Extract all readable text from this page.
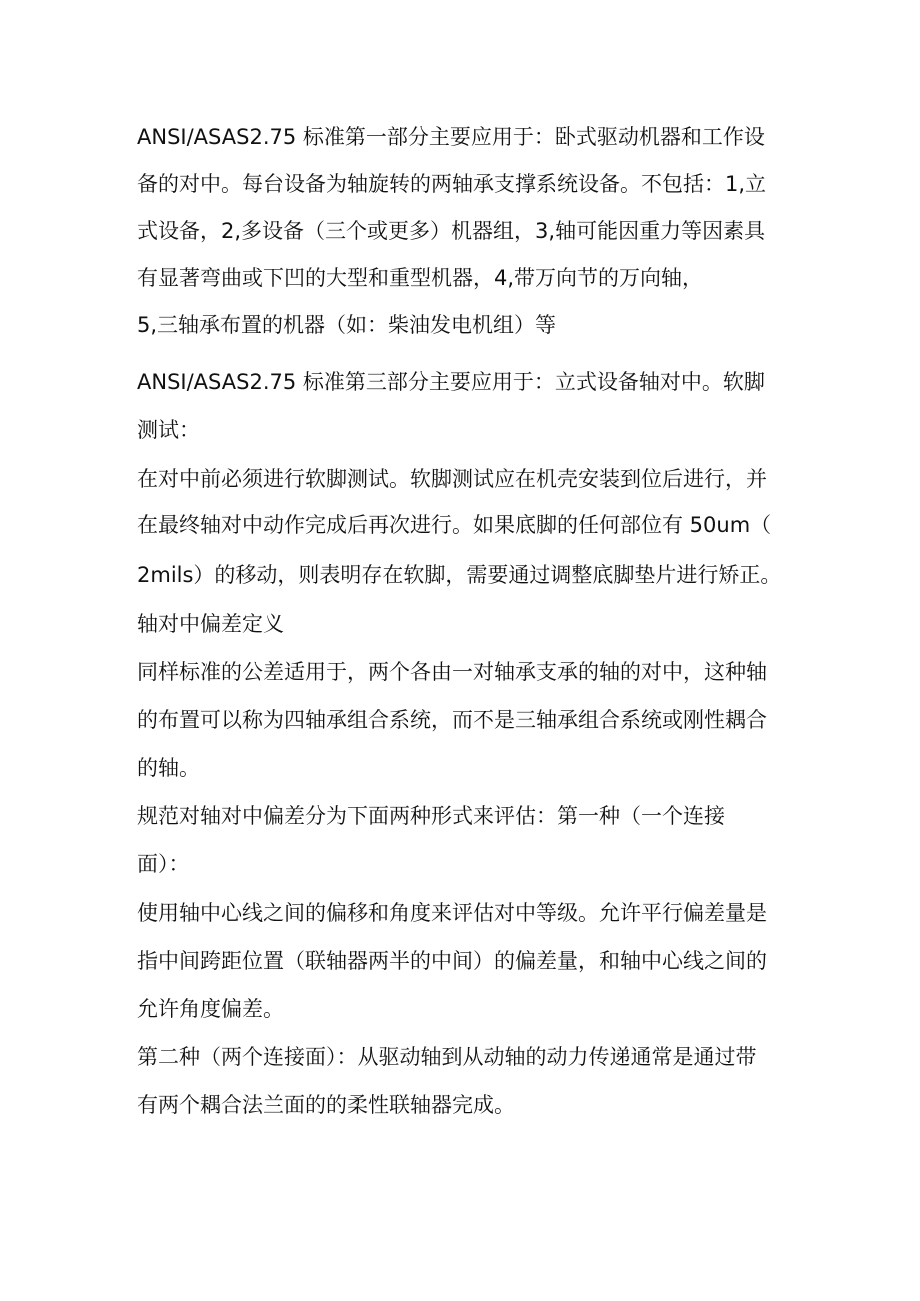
ANSI/ASAS2.75 标准第一部分主要应用于：卧式驱动机器和工作设
备的对中。每台设备为轴旋转的两轴承支撑系统设备。不包括：1,立
式设备，2,多设备（三个或更多）机器组，3,轴可能因重力等因素具
有显著弯曲或下凹的大型和重型机器，4,带万向节的万向轴，
5,三轴承布置的机器（如：柴油发电机组）等
ANSI/ASAS2.75 标准第三部分主要应用于：立式设备轴对中。软脚
测试：
在对中前必须进行软脚测试。软脚测试应在机壳安装到位后进行，并
在最终轴对中动作完成后再次进行。如果底脚的任何部位有 50um（
2mils）的移动，则表明存在软脚，需要通过调整底脚垫片进行矫正。
轴对中偏差定义
同样标准的公差适用于，两个各由一对轴承支承的轴的对中，这种轴
的布置可以称为四轴承组合系统，而不是三轴承组合系统或刚性耦合
的轴。
规范对轴对中偏差分为下面两种形式来评估：第一种（一个连接
面）：
使用轴中心线之间的偏移和角度来评估对中等级。允许平行偏差量是
指中间跨距位置（联轴器两半的中间）的偏差量，和轴中心线之间的
允许角度偏差。
第二种（两个连接面）：从驱动轴到从动轴的动力传递通常是通过带
有两个耦合法兰面的的柔性联轴器完成。
